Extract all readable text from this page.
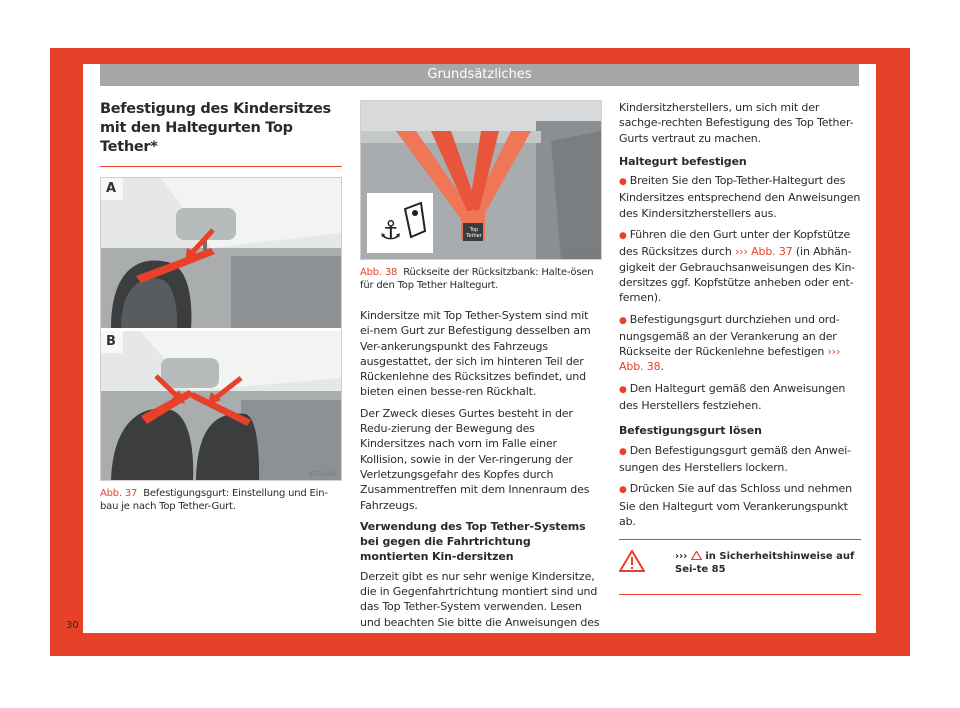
Grundsätzliches
Befestigung des Kindersitzes mit den Haltegurten Top Tether*
A
B
B5T-0292
Abb. 37 Befestigungsgurt: Einstellung und Ein-bau je nach Top Tether-Gurt.
⚓	Top Tether
B6F-0095
Abb. 38 Rückseite der Rücksitzbank: Halte-ösen für den Top Tether Haltegurt.

Kindersitze mit Top Tether-System sind mit ei-nem Gurt zur Befestigung desselben am Ver-ankerungspunkt des Fahrzeugs ausgestattet, der sich im hinteren Teil der Rückenlehne des Rücksitzes befindet, und bieten einen besse-ren Rückhalt.

Der Zweck dieses Gurtes besteht in der Redu-zierung der Bewegung des Kindersitzes nach vorn im Falle einer Kollision, sowie in der Ver-ringerung der Verletzungsgefahr des Kopfes durch Zusammentreffen mit dem Innenraum des Fahrzeugs.

Verwendung des Top Tether-Systems bei gegen die Fahrtrichtung montierten Kin-dersitzen

Derzeit gibt es nur sehr wenige Kindersitze, die in Gegenfahrtrichtung montiert sind und das Top Tether-System verwenden. Lesen und beachten Sie bitte die Anweisungen des

Kindersitzherstellers, um sich mit der sachge-rechten Befestigung des Top Tether-Gurts vertraut zu machen.

Haltegurt befestigen

● Breiten Sie den Top-Tether-Haltegurt des Kindersitzes entsprechend den Anweisungen des Kindersitzherstellers aus.

● Führen die den Gurt unter der Kopfstütze des Rücksitzes durch ››› Abb. 37 (in Abhän-gigkeit der Gebrauchsanweisungen des Kin-dersitzes ggf. Kopfstütze anheben oder ent-fernen).

● Befestigungsgurt durchziehen und ord-nungsgemäß an der Verankerung an der Rückseite der Rückenlehne befestigen ››› Abb. 38.

● Den Haltegurt gemäß den Anweisungen des Herstellers festziehen.

Befestigungsgurt lösen

● Den Befestigungsgurt gemäß den Anwei-sungen des Herstellers lockern.

● Drücken Sie auf das Schloss und nehmen Sie den Haltegurt vom Verankerungspunkt ab.

››› in Sicherheitshinweise auf Sei-te 85
30
